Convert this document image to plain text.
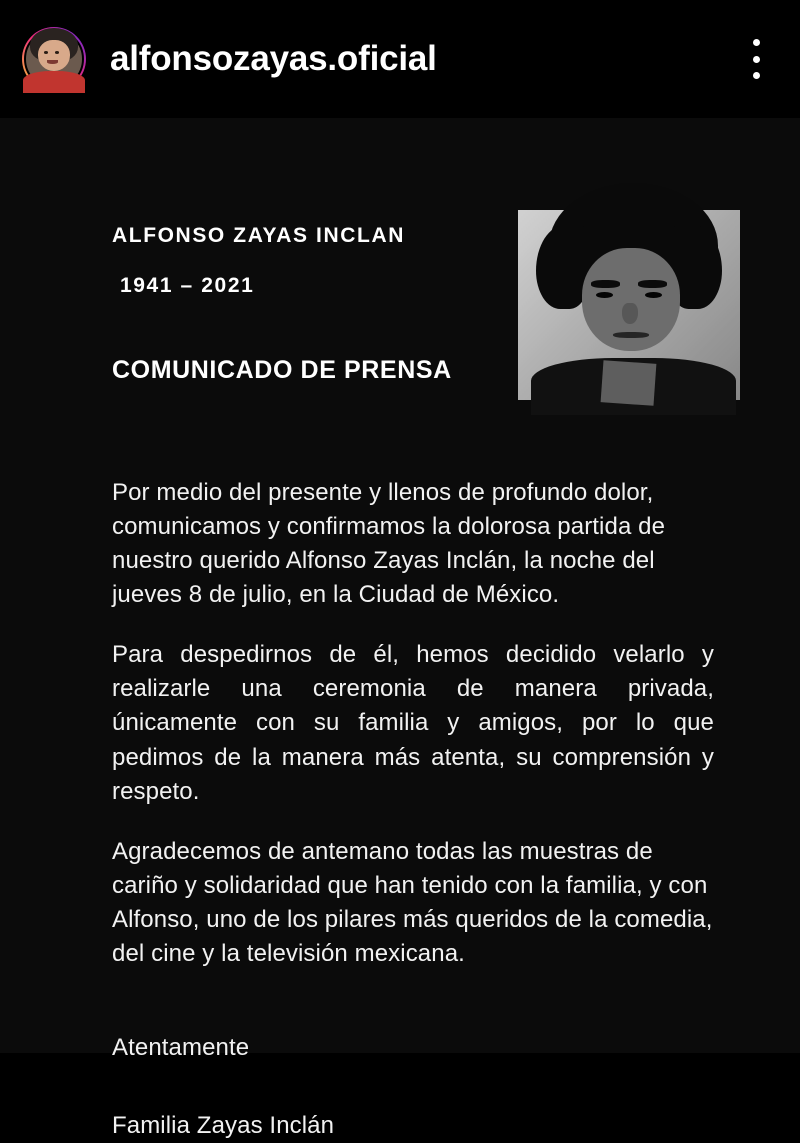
alfonsozayas.oficial
ALFONSO ZAYAS INCLAN
1941 – 2021
COMUNICADO DE PRENSA

Por medio del presente y llenos de profundo dolor, comunicamos y confirmamos la dolorosa partida de nuestro querido Alfonso Zayas Inclán, la noche del jueves 8 de julio, en la Ciudad de México.

Para despedirnos de él, hemos decidido velarlo y realizarle una ceremonia de manera privada, únicamente con su familia y amigos, por lo que pedimos de la manera más atenta, su comprensión y respeto.

Agradecemos de antemano todas las muestras de cariño y solidaridad que han tenido con la familia, y con Alfonso, uno de los pilares más queridos de la comedia, del cine y la televisión mexicana.

Atentamente

Familia Zayas Inclán
